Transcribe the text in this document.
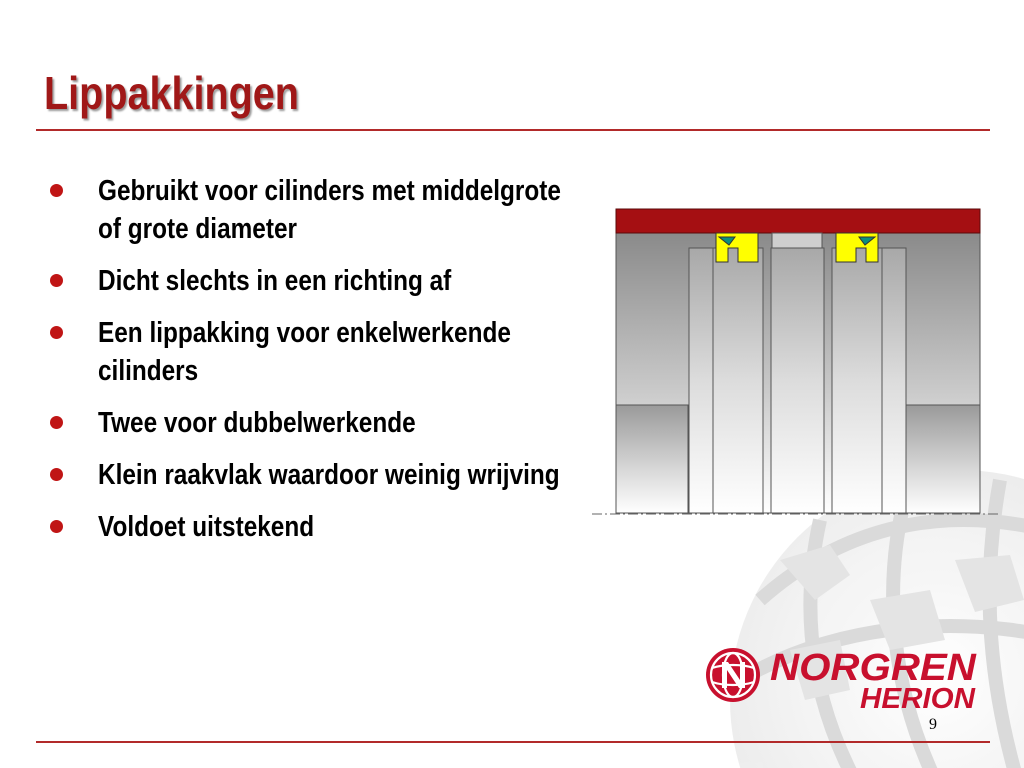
Lippakkingen
Gebruikt voor cilinders met middelgrote of grote diameter
Dicht slechts in een richting af
Een lippakking voor enkelwerkende cilinders
Twee voor dubbelwerkende
Klein raakvlak waardoor weinig wrijving
Voldoet uitstekend
NORGREN
HERION
9
